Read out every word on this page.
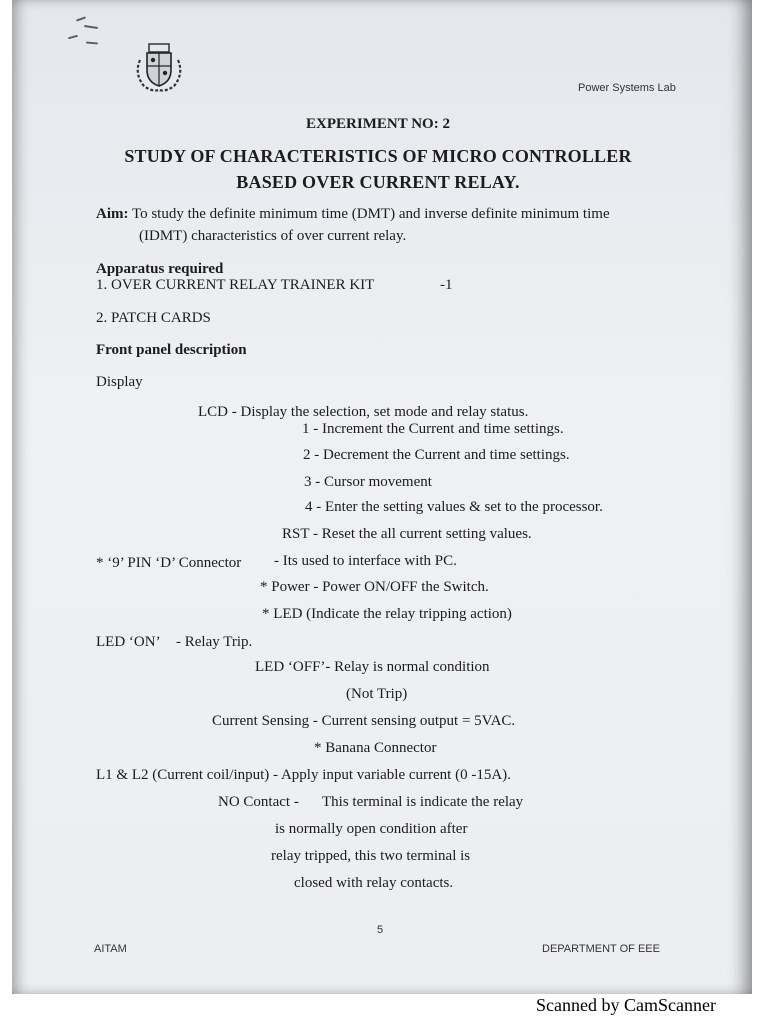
Power Systems Lab
EXPERIMENT NO: 2
STUDY OF CHARACTERISTICS OF MICRO CONTROLLER
BASED OVER CURRENT RELAY.
Aim: To study the definite minimum time (DMT) and inverse definite minimum time
(IDMT) characteristics of over current relay.
Apparatus required
1. OVER CURRENT RELAY TRAINER KIT	-1
2. PATCH CARDS
Front panel description
Display
LCD - Display the selection, set mode and relay status.
1 - Increment the Current and time settings.
2 - Decrement the Current and time settings.
3 - Cursor movement
4 - Enter the setting values & set to the processor.
RST - Reset the all current setting values.
* ‘9’ PIN ‘D’ Connector - Its used to interface with PC.
* Power - Power ON/OFF the Switch.
* LED (Indicate the relay tripping action)
LED ‘ON’ - Relay Trip.
LED ‘OFF’- Relay is normal condition
(Not Trip)
Current Sensing - Current sensing output = 5VAC.
* Banana Connector
L1 & L2 (Current coil/input) - Apply input variable current (0 -15A).
NO Contact - This terminal is indicate the relay
is normally open condition after
relay tripped, this two terminal is
closed with relay contacts.
5
AITAM	DEPARTMENT OF EEE
Scanned by CamScanner
